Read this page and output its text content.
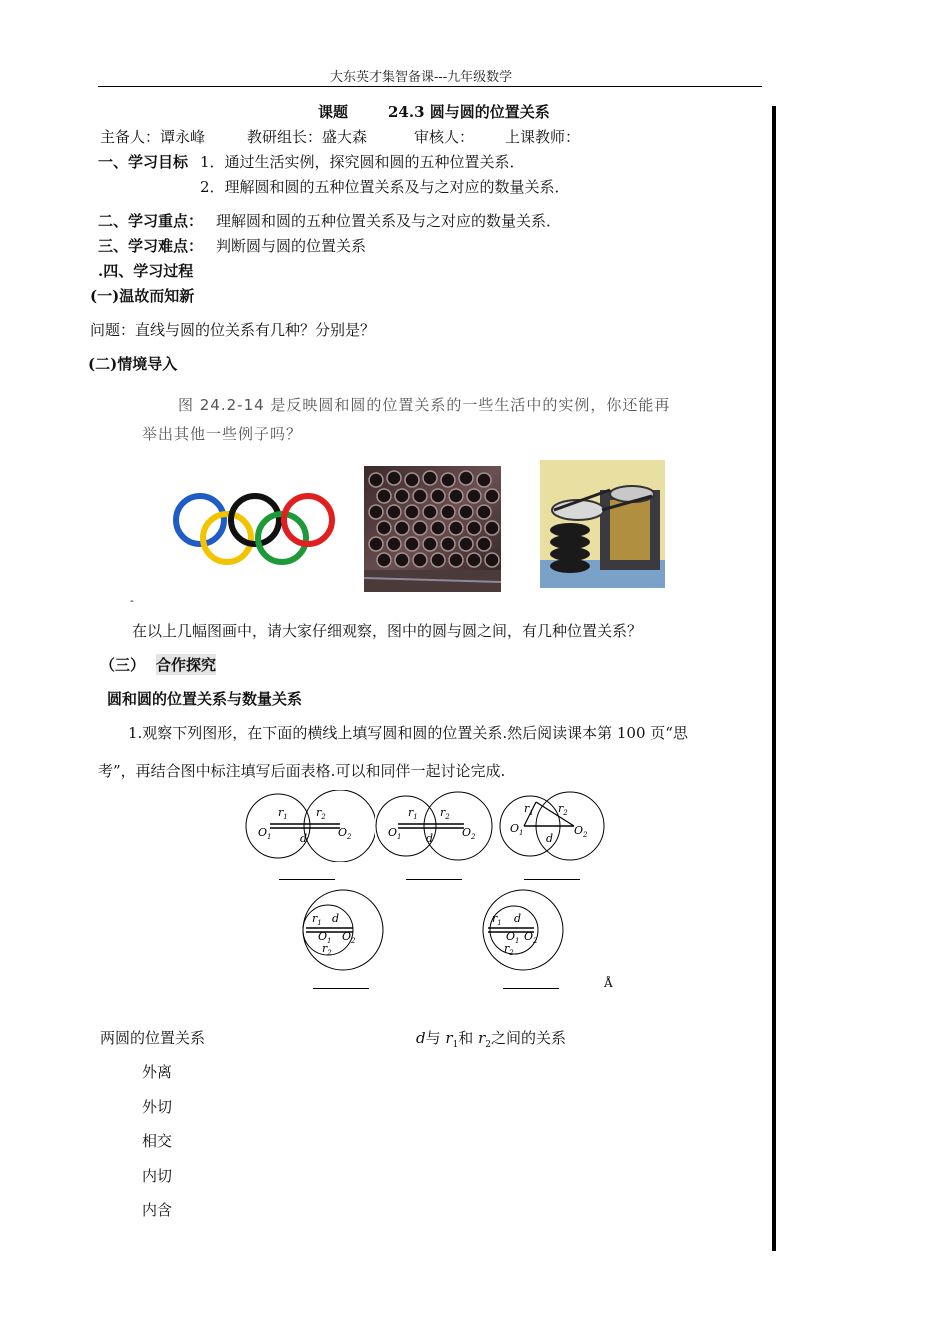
大东英才集智备课---九年级数学
课题	24.3 圆与圆的位置关系
主备人：谭永峰	教研组长：盛大森	审核人： 上课教师：
一、学习目标 1．通过生活实例，探究圆和圆的五种位置关系．
2．理解圆和圆的五种位置关系及与之对应的数量关系．
二、学习重点： 理解圆和圆的五种位置关系及与之对应的数量关系．
三、学习难点： 判断圆与圆的位置关系
.四、学习过程
(一)温故而知新
问题：直线与圆的位关系有几种？分别是？
(二)情境导入
图 24.2-14 是反映圆和圆的位置关系的一些生活中的实例，你还能再
举出其他一些例子吗？
-
在以上几幅图画中，请大家仔细观察，图中的圆与圆之间，有几种位置关系？
（三） 合作探究
圆和圆的位置关系与数量关系
1.观察下列图形，在下面的横线上填写圆和圆的位置关系.然后阅读课本第 100 页“思
考”，再结合图中标注填写后面表格.可以和同伴一起讨论完成.
$r_1$	$r_2$
$O_1$	$O_2$
d
$r_1$ $r_2$
$O_1$	$O_2$
d
$r_1$ $r_2$
$O_1$	$O_2$
d
$r_1$ d
$O_1$ $O_2$
$r_2$
$r_1$ d
$O_1$ $O_2$
$r_2$
Å
两圆的位置关系	d与 $r_1$和 $r_2$之间的关系
外离
外切
相交
内切
内含
